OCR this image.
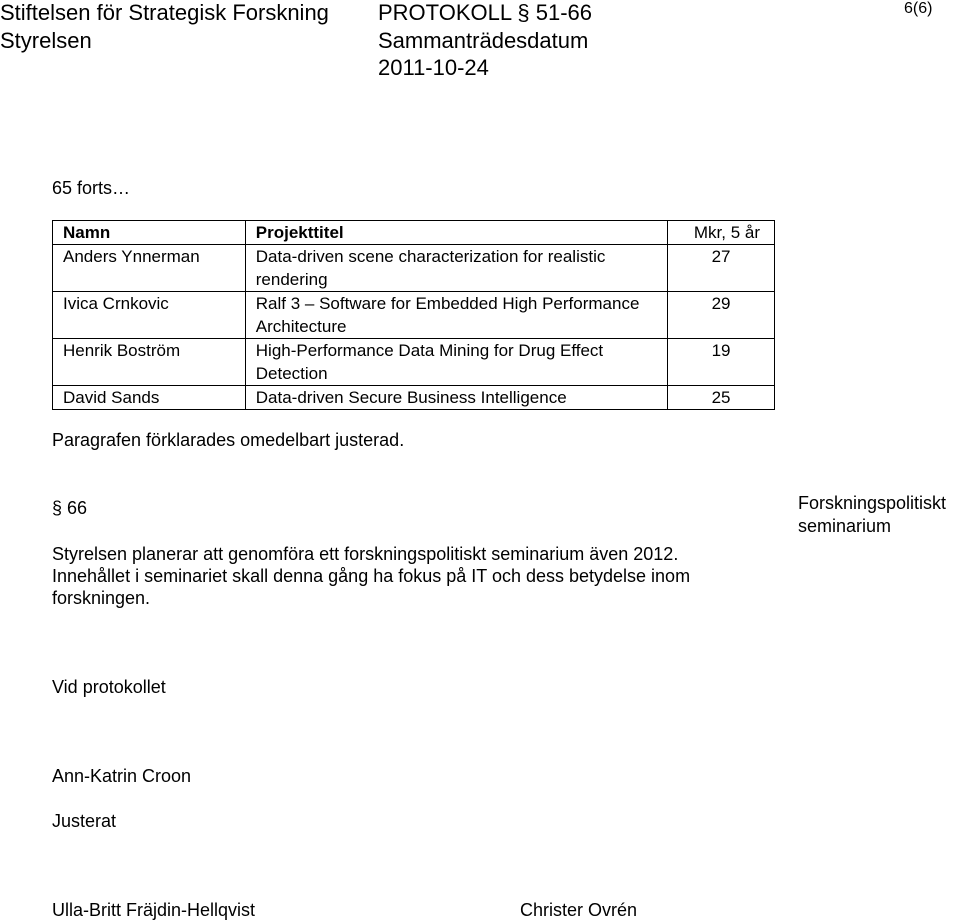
Stiftelsen för Strategisk Forskning PROTOKOLL § 51-66	6(6)
Styrelsen	Sammanträdesdatum
2011-10-24
65 forts…
Namn	Projekttitel	Mkr, 5 år
Anders Ynnerman	Data-driven scene characterization for realistic rendering	27
Ivica Crnkovic	Ralf 3 – Software for Embedded High Performance Architecture	29
Henrik Boström	High-Performance Data Mining for Drug Effect Detection	19
David Sands	Data-driven Secure Business Intelligence	25
Paragrafen förklarades omedelbart justerad.
§ 66	Forskningspolitiskt seminarium
Styrelsen planerar att genomföra ett forskningspolitiskt seminarium även 2012.
Innehållet i seminariet skall denna gång ha fokus på IT och dess betydelse inom
forskningen.
Vid protokollet
Ann-Katrin Croon
Justerat
Ulla-Britt Fräjdin-Hellqvist	Christer Ovrén
